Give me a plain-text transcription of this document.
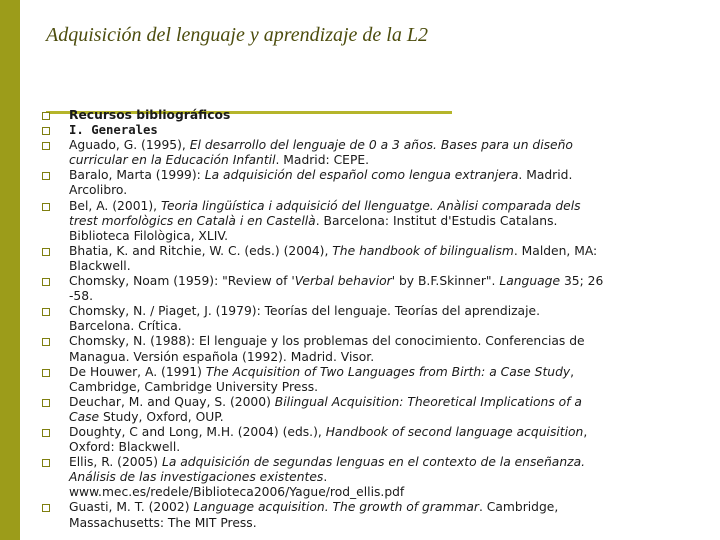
Adquisición del lenguaje y aprendizaje de la L2
Recursos bibliográficos
I. Generales
Aguado, G. (1995), El desarrollo del lenguaje de 0 a 3 años. Bases para un diseño
curricular en la Educación Infantil. Madrid: CEPE.
Baralo, Marta (1999): La adquisición del español como lengua extranjera. Madrid.
Arcolibro.
Bel, A. (2001), Teoria lingüística i adquisició del llenguatge. Anàlisi comparada dels
trest morfològics en Català i en Castellà. Barcelona: Institut d'Estudis Catalans.
Biblioteca Filològica, XLIV.
Bhatia, K. and Ritchie, W. C. (eds.) (2004), The handbook of bilingualism. Malden, MA:
Blackwell.
Chomsky, Noam (1959): "Review of 'Verbal behavior' by B.F.Skinner". Language 35; 26
-58.
Chomsky, N. / Piaget, J. (1979): Teorías del lenguaje. Teorías del aprendizaje.
Barcelona. Crítica.
Chomsky, N. (1988): El lenguaje y los problemas del conocimiento. Conferencias de
Managua. Versión española (1992). Madrid. Visor.
De Houwer, A. (1991) The Acquisition of Two Languages from Birth: a Case Study,
Cambridge, Cambridge University Press.
Deuchar, M. and Quay, S. (2000) Bilingual Acquisition: Theoretical Implications of a
Case Study, Oxford, OUP.
Doughty, C and Long, M.H. (2004) (eds.), Handbook of second language acquisition,
Oxford: Blackwell.
Ellis, R. (2005) La adquisición de segundas lenguas en el contexto de la enseñanza.
Análisis de las investigaciones existentes.
www.mec.es/redele/Biblioteca2006/Yague/rod_ellis.pdf
Guasti, M. T. (2002) Language acquisition. The growth of grammar. Cambridge,
Massachusetts: The MIT Press.
